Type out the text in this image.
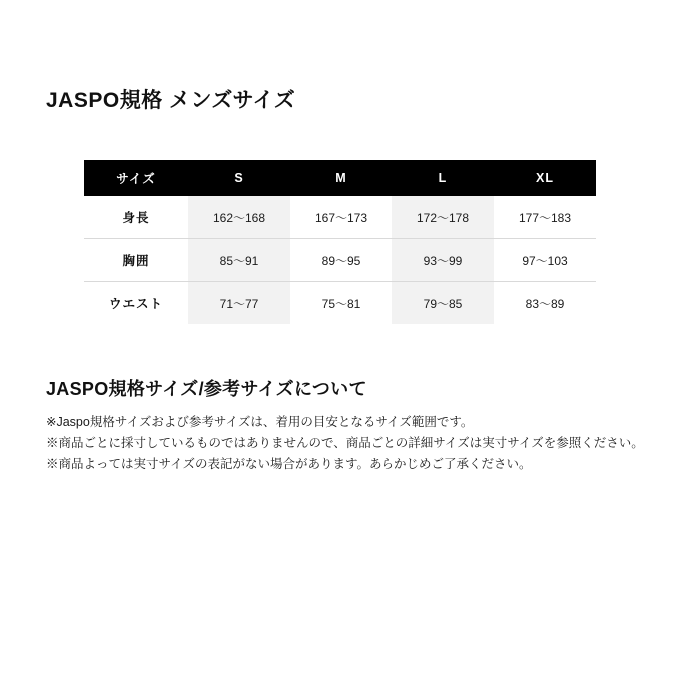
JASPO規格 メンズサイズ
サイズ	S	M	L	XL
身長	162〜168	167〜173	172〜178	177〜183
胸囲	85〜91	89〜95	93〜99	97〜103
ウエスト	71〜77	75〜81	79〜85	83〜89
JASPO規格サイズ/参考サイズについて
※Jaspo規格サイズおよび参考サイズは、着用の目安となるサイズ範囲です。
※商品ごとに採寸しているものではありませんので、商品ごとの詳細サイズは実寸サイズを参照ください。
※商品よっては実寸サイズの表記がない場合があります。あらかじめご了承ください。
